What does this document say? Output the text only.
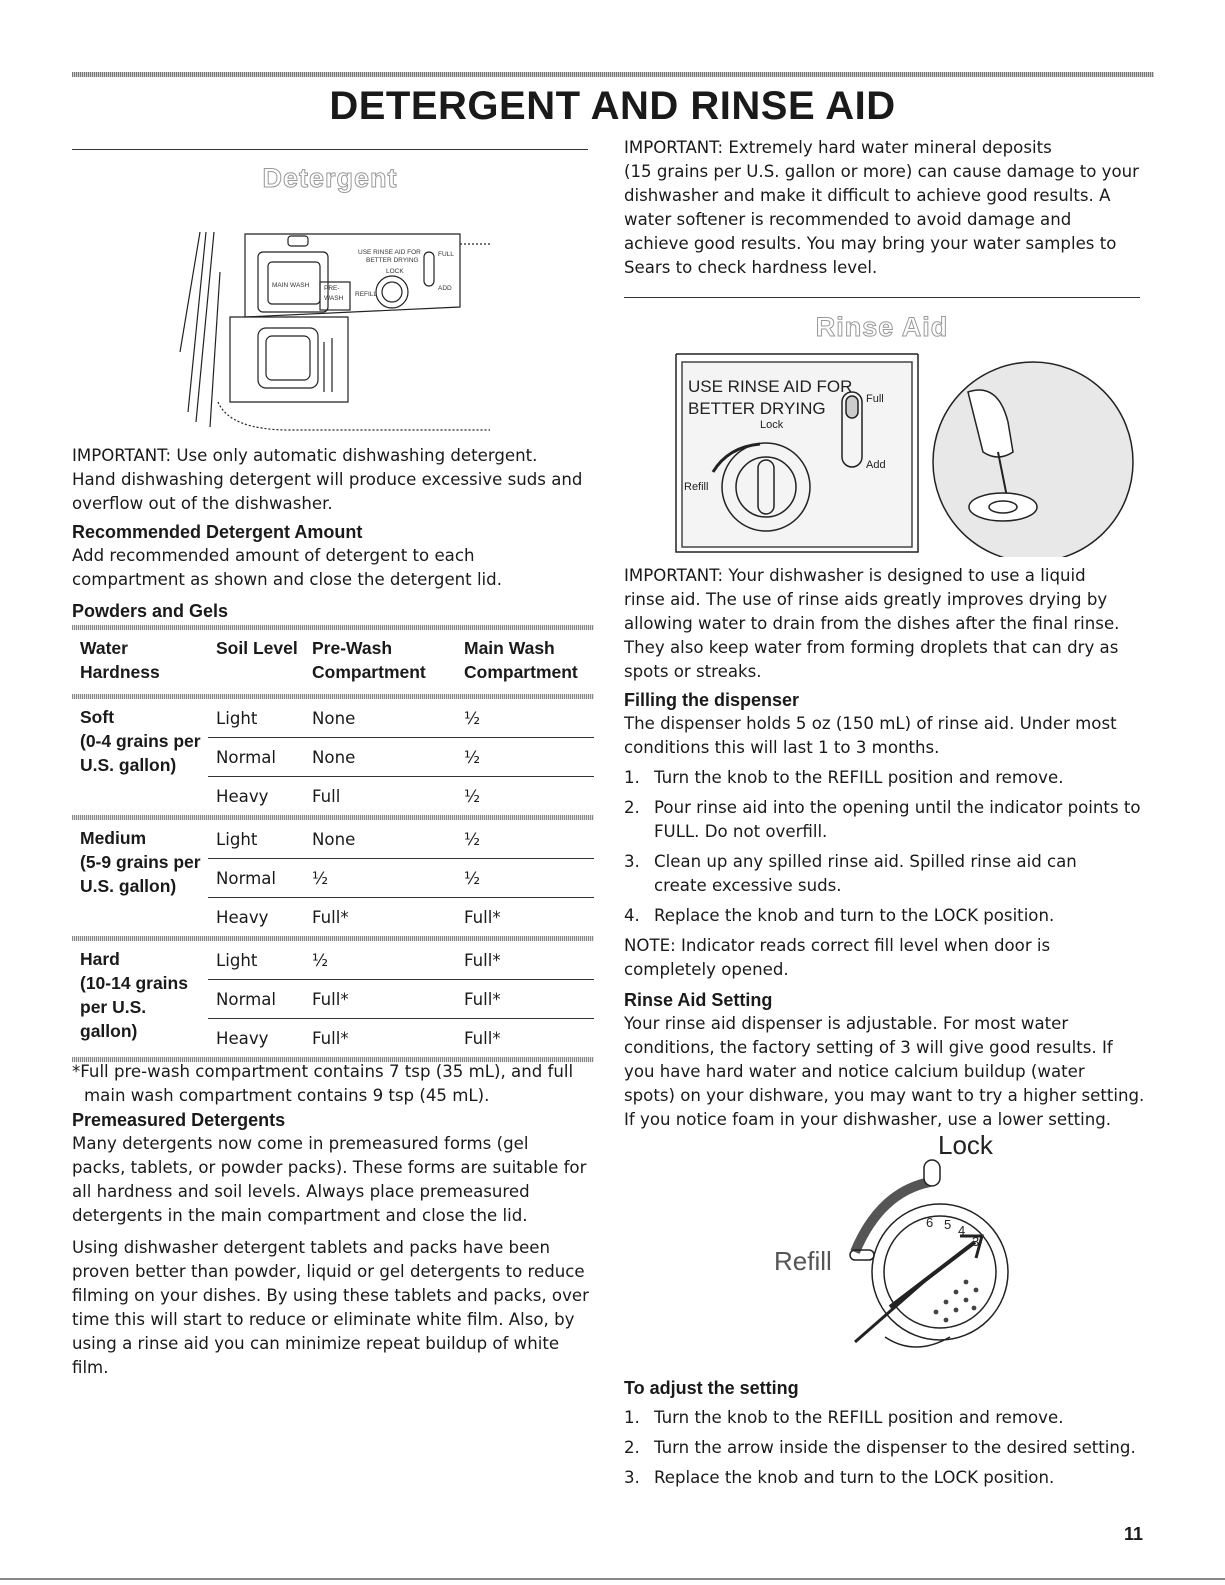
DETERGENT AND RINSE AID
Detergent
USE RINSE AID FOR
BETTER DRYING
LOCK
REFILL
FULL
ADD
MAIN WASH PRE-
WASH

IMPORTANT: Use only automatic dishwashing detergent.

Hand dishwashing detergent will produce excessive suds and

overflow out of the dishwasher.

Recommended Detergent Amount

Add recommended amount of detergent to each

compartment as shown and close the detergent lid.

Powders and Gels

Water Hardness	Soil Level	Pre-Wash Compartment	Main Wash Compartment
Soft
(0-4 grains per U.S. gallon)	Light	None	½
	Normal	None	½
	Heavy	Full	½
Medium
(5-9 grains per U.S. gallon)	Light	None	½
	Normal	½	½
	Heavy	Full*	Full*
Hard
(10-14 grains per U.S. gallon)	Light	½	Full*
	Normal	Full*	Full*
	Heavy	Full*	Full*

*Full pre-wash compartment contains 7 tsp (35 mL), and full

main wash compartment contains 9 tsp (45 mL).

Premeasured Detergents

Many detergents now come in premeasured forms (gel

packs, tablets, or powder packs). These forms are suitable for

all hardness and soil levels. Always place premeasured

detergents in the main compartment and close the lid.

Using dishwasher detergent tablets and packs have been

proven better than powder, liquid or gel detergents to reduce

filming on your dishes. By using these tablets and packs, over

time this will start to reduce or eliminate white film. Also, by

using a rinse aid you can minimize repeat buildup of white

film.

IMPORTANT: Extremely hard water mineral deposits

(15 grains per U.S. gallon or more) can cause damage to your

dishwasher and make it difficult to achieve good results. A

water softener is recommended to avoid damage and

achieve good results. You may bring your water samples to

Sears to check hardness level.

Rinse Aid
USE RINSE AID FOR
BETTER DRYING
Lock
Refill
Full
Add

IMPORTANT: Your dishwasher is designed to use a liquid

rinse aid. The use of rinse aids greatly improves drying by

allowing water to drain from the dishes after the final rinse.

They also keep water from forming droplets that can dry as

spots or streaks.

Filling the dispenser

The dispenser holds 5 oz (150 mL) of rinse aid. Under most

conditions this will last 1 to 3 months.

1. Turn the knob to the REFILL position and remove.
2. Pour rinse aid into the opening until the indicator points to
FULL. Do not overfill.
3. Clean up any spilled rinse aid. Spilled rinse aid can
create excessive suds.
4. Replace the knob and turn to the LOCK position.

NOTE: Indicator reads correct fill level when door is

completely opened.

Rinse Aid Setting

Your rinse aid dispenser is adjustable. For most water

conditions, the factory setting of 3 will give good results. If

you have hard water and notice calcium buildup (water

spots) on your dishware, you may want to try a higher setting.

If you notice foam in your dishwasher, use a lower setting.

Lock
Refill
6 5 4
3

To adjust the setting

1. Turn the knob to the REFILL position and remove.
2. Turn the arrow inside the dispenser to the desired setting.
3. Replace the knob and turn to the LOCK position.
11
